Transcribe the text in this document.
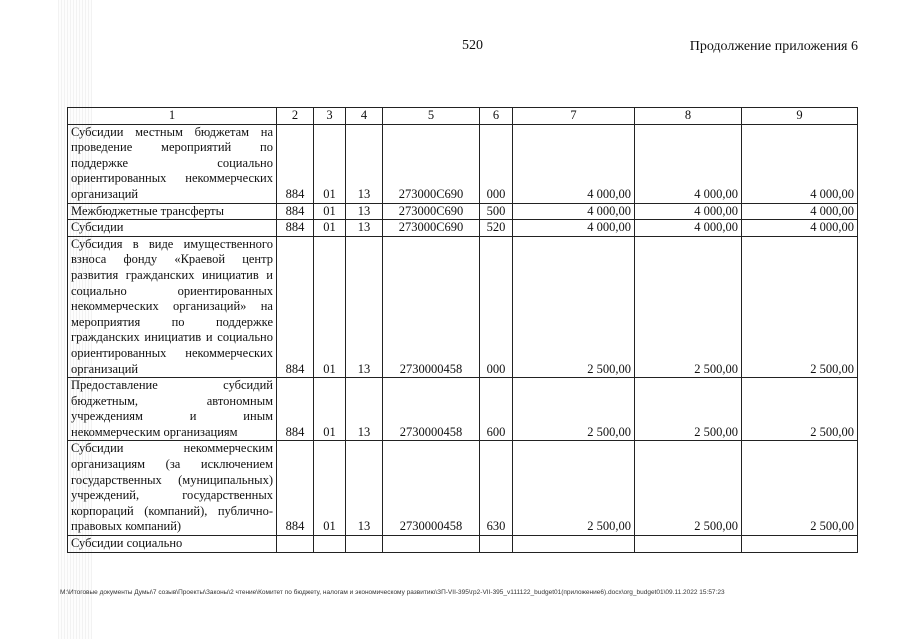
520	Продолжение приложения 6
1	2	3	4	5	6	7	8	9
Субсидии местным бюджетам на проведение мероприятий по поддержке социально ориентированных некоммерческих организаций	884	01	13	273000С690	000	4 000,00	4 000,00	4 000,00
Межбюджетные трансферты	884	01	13	273000С690	500	4 000,00	4 000,00	4 000,00
Субсидии	884	01	13	273000С690	520	4 000,00	4 000,00	4 000,00
Субсидия в виде имущественного взноса фонду «Краевой центр развития гражданских инициатив и социально ориентированных некоммерческих организаций» на мероприятия по поддержке гражданских инициатив и социально ориентированных некоммерческих организаций	884	01	13	2730000458	000	2 500,00	2 500,00	2 500,00
Предоставление субсидий бюджетным, автономным учреждениям и иным некоммерческим организациям	884	01	13	2730000458	600	2 500,00	2 500,00	2 500,00
Субсидии некоммерческим организациям (за исключением государственных (муниципальных) учреждений, государственных корпораций (компаний), публично-правовых компаний)	884	01	13	2730000458	630	2 500,00	2 500,00	2 500,00
Субсидии социально								
M:\Итоговые документы Думы\7 созыв\Проекты\Законы\2 чтение\Комитет по бюджету, налогам и экономическому развитию\ЗП-VII-395\гр2-VII-395_v111122_budget01(приложение6).docx\org_budget01\09.11.2022 15:57:23
